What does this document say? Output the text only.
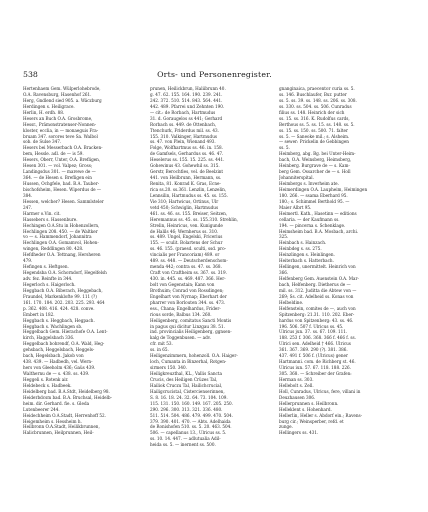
538	Orts- und Personenregister.
Hertenhaem Gem. Wülperlohebrode,
O.A. Ravensburg, Hasenhof 261.
Herg, Gndlend sied 905. a. Wäczburg
Herdingen s. Heiligrace.
Herlin, H. erdh. 88.
Hesers an Buch O.A. Grosbrome,
Hessr., Prämonstratenser-Nonnen-
kloster, ecclia, in — monaeguis Fra-
bruam 347. sorores teve Sa. Walbol
sob. de Sulse 347.
Hesers bei Messerbach O.A. Bracken-
bem, Hessle. adl. de — is 59.
Hesers, Oberr, Unter, O.A. Brefligen,
Hesen 301. — vol. Valpez; Gross;
Landingsdus 301. — marewe de —
364. — de Hesen s. Brefligen ein
Hussen, Ochgfele, bad. B.A. Tauber-
bischofsheim, Hesen. Wiperdus de —
384.
Hessen, welcher? Hesen. Sammlsteler
247.
Harmer o.Vin. cit.
Hassebers s. Hassenbure.
Hechingen O.A.Stu in Hohenzollern,
Hechlingen 208. 450. — de Waltker
vo — s. Hammendorf, Johannitra
Hechlingen O.A. Gomamvol, Hohen-
wingen, Reddlingen 80. 428.
Hefdheder O.A. Tettnang, Hersheren
479.
Hefingen s. Heftgsen.
Hegendsba O.A. Schorndorf, Hegelfelsh
adv. fez. Reinfte in 344.
Hegerloch s. Haigerloch.
Heggbach O.A. Biberach, Heggebach,
Fraundel, Markenklofte 99. 111 (?)
161. 170. 184. 202. 203. 225. 293. 464
p. 362. 408. 416. 424. 428. conve.
Embert in 182.
Heggbach s. Heggbach, Hegpach.
Heggbach s. Wachlingen sb.
Heggelbach Gem. Hierachofe O.A. Lent-
kirch, Haggelsbach 336.
Heggelbach bohrendf, O.A. Wald, Heg-
gehsbach, Heggelsbach, Heggels-
bach, Hegelsbach. Jakob von
438. 439. — Hadbedh, vel. Wern-
hers von Gleeholm 436; Gaüs 439.
Walthernu de — s. 438. ss. 439.
Heggeli s. Rotenk air.
Heldebeck s. Hadbeek.
Heidelberg bad. B.A.Stdt, Heidelberg 98.
Heiderbdcsm bad. B.A. Bruchsal, Heidelb-
heim. dir. Gerhard. fie. s. Gleda
Lutenbeerer 244.
Heidechheim O.A.Stadt, Herrenhoff 52.
Heigemheim s. Hessheim h.
Heilbronn O.A.Stadt, Heilikbrunnen,
Halicbrunnen, Heilprunnen, Heil-
prunen, Heilickbrun, Haliibrunn 40.
g. 47. 62. 155. 164. 190. 239. 241.
242. 372. 510. 514. 843. 564. 441.
442. 489. Pfarrei und Zehnten 190.
— cit.: de Rorbach, Hartmudus
31. d. Goraugelos ss 441; Gerhard
Rorbach ss. 449. de Ottenbach,
Ttenchurk, Friderdus mil. ss. 43.
155. 310. Valkinger, Hartmudus
ss. 47. von Plein, Wienand 493.
Folge, Wolfhartmus ss. 46. in. 158.
de Gamfsels, Gerhardus ss. 46. 47.
Heselerus ss. 155. 15. 225. ss. 441.
Gohewinus 43. Gohewhil ss. 315.
Gerstr, Berochtles, vel. de Beelzint
441. von Heilbrunn, Hermann, ss.
Renita, 81. Konrad K. Gras, Ecne-
rica ss.20. ss.361. Lenzlin, Lenzelin,
Lennsilin, Hartmudus ss. 45. ss. 155.
Vie 310; Hartwicus, Ortinus, Ulr
vetd 450; Schwiglin, Hartmudus
461. ss. 46. ss. 155. Breiser, Seitzen,
Heremannus ss. 45. ss. 155.310. Strehlin,
Strelin, Heinricus, ven. Kunigunde
de Halils 46; Wernherus ss. 310.
ss. 489. Ungel, Engelski, Fricerius
155. — sculit. Bolartens der Schur
ss. 46. 155. (praesd. sculti, ssd. pro-
vincialis per Francoriam) 489. or
489. ss. 448. — Deutscherdenschom-
menda 442; contra ss. 47. ss. 368.
Craft von Craftheim ss. 367. ss. 319.
430. in. 445. ss. 469. 487. 366. Her-
bolt von Gegenstain; Kann von
Brothuim; Conrad von Rossdingen;
Engelhart von Nyrnap; Eberhart der
pharrer von Borlouten 344. ss. 473.
ess., Chana; Engelhardus, Frider-
rious sorde, Balbus 134. 260.
Heiligenberg, comitatus Sancti Montis
in pagus qui dicitur Linzgau 38. 51.
ind. provincialis Heiligenberg, ggnsen-
kalg de Toggenbusen. — adv.
cfr. mit 53.
ss. in 65.
Heiligenzimmern, hohenzoll. O.A. Haiger-
loch, Cumanta in Binzerhal, Rotgen-
sirmers 150. 340.
Heiligkreuzthal, KL., Vallis Sancta
Crucis, des Heiligen Crüzes Tal,
Hailiok Cruczu Tal, Hailichcrucial,
Hailigcrucistal, Cistercienserinnen,
S. 8. 16. 18. 24. 32. 64. 73. 104. 109.
115. 131. 150. 160. 149. 167. 205. 250.
290. 296. 300. 313. 321. 336. 480.
511. 514. 504. 486. 479. 499. 470. 504.
379. 390. 401. 470. — Abts. Adelhaida
de Ronishofen 510. ss. 5. 20. 463. 504.
506. — capellanus 13., Ulricus ss. 5.
ss. 10. 14. 447. — adlutualia Adil-
heida ss. 5. — inernent ss. 500.
gnanginaica, praecentor curia ss. 5.
ss. 146. Buschlaufer, Bur. putter
ss. 5. ss. 39. ss. 148. ss. 206. ss. 308.
ss. 330. ss. 504. ss. 506. Cunradus
filius ss. 148. Heinrich der sich
ss. 15. ss. 316. K. Rudolfus cards,
Berthous ss. 5. ss. 15. ss. 148. ss. 5.
ss. 15. ss. 150. ss. 500. 71. falter
ss. 5. — Saneoke mil.; s. Alsheim.
— sewer: Prickelin de Gebbingen
ss. 5.
Heimberg, abg. Bg. bei Unter-Heim-
bach, O.A. Weinsberg, Heimsberg,
Heinberg. Burgrave de — s. Kam-
berg Gem. Ossarcher de — s. Holl
Johanniterspital.
Heimbergs s. Inverheim ate.
Heimerdingen O.A. Laupheim, Heimingen
180. 266. — ssama Eberhard 95.
180.; s. Schimmel Berthold 95. —
Maier Albrt 95.
Heimertl. Kath., Hasetinn — editions
cellaria. — der Kaufmann ss.
194. — pincerna s. Schenklage.
Heimsheim bad. B.A. Mosbach, archi.
325.
Heinbach s. Hainzach.
Heinbdeg s. ss. 275.
Heinzlingen s. Heinlingen.
Heiterbach s. Hatterbach.
Hellingen, unermittelt. Heinrich von
366.
Helfenberg Gem. Auenstein O.A. Mar-
bach, Helfenberg. Dietherus de —
mil. ss. 312. Juditta die Abtew von —
269; Ss. cit. Adelheid ss. Konas von
Helbeldine.
Helfenstein, comites de —, auch von
Spitzenberg: 21.31. 110. 202. Eber-
hardus von Spitzenberg: 43. ss. 46.
196. 506. 507 f. Ulricus ss. 45.
Ulricus jun. 37. ss. 67. 109. 111.
188. 253 f. 306. 368. 366 f. 466 f. ss.
Ulrici sen. Adelheid † 466. Ulricus
361. 367. 369. 290 (?). 381. 386.
437. 491 f. 506 f. (Ulricus) gener
Hartmanni. com. de Richberg st. 46.
Ulricus iun. 57. 67. 118. 188. 226.
305. 368. — Schreiber der Grafen:
Herman ss. 303.
Hellebolt s. Zell.
Holl, Cunradus, Ulricus, fere, villani in
Deuzhausen 306.
Hellerprunnen s. Heilbronn.
Helleklent s. Hohenhard.
Hellerlin, Heller s. Abdorf ein.; Ravens-
burg cir.; Weinsperber, refd. et
zunge.
Hellingers ss. 431.
